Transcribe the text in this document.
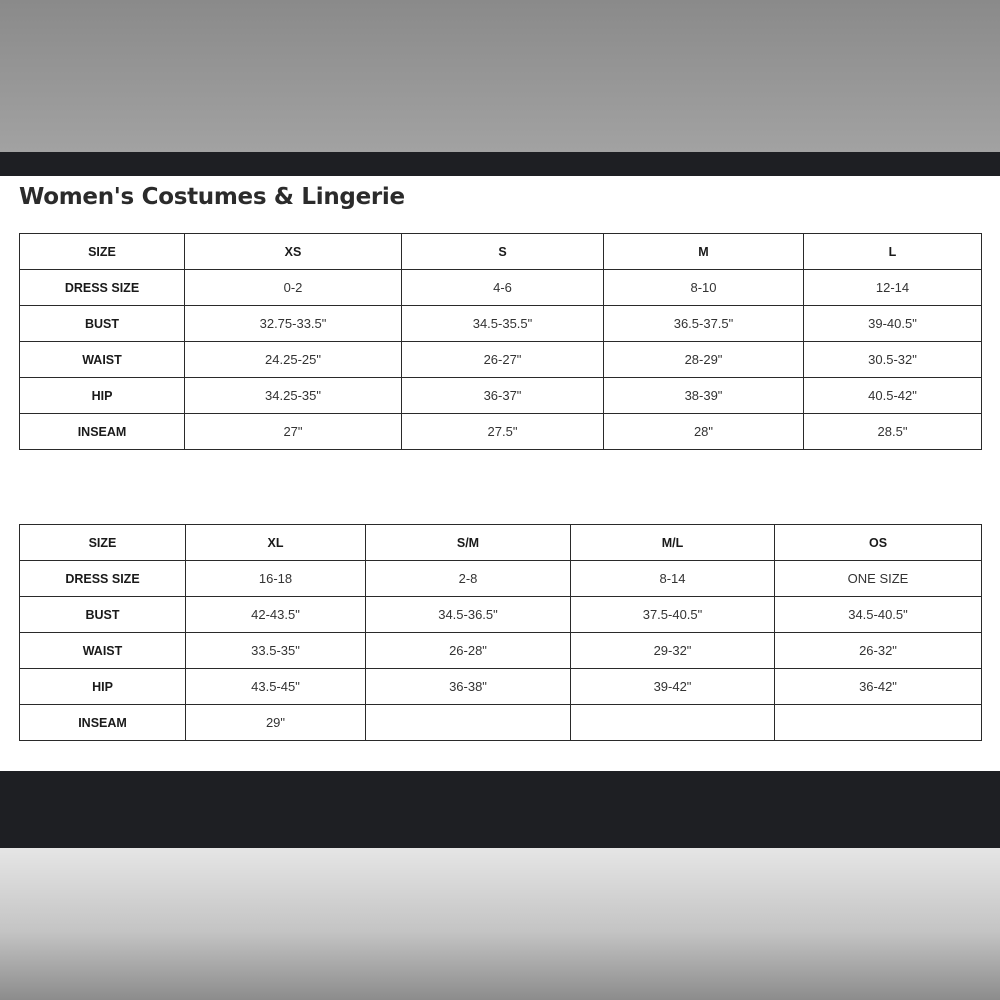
Women's Costumes & Lingerie
SIZE	XS	S	M	L
DRESS SIZE	0-2	4-6	8-10	12-14
BUST	32.75-33.5"	34.5-35.5"	36.5-37.5"	39-40.5"
WAIST	24.25-25"	26-27"	28-29"	30.5-32"
HIP	34.25-35"	36-37"	38-39"	40.5-42"
INSEAM	27"	27.5"	28"	28.5"
SIZE	XL	S/M	M/L	OS
DRESS SIZE	16-18	2-8	8-14	ONE SIZE
BUST	42-43.5"	34.5-36.5"	37.5-40.5"	34.5-40.5"
WAIST	33.5-35"	26-28"	29-32"	26-32"
HIP	43.5-45"	36-38"	39-42"	36-42"
INSEAM	29"			
